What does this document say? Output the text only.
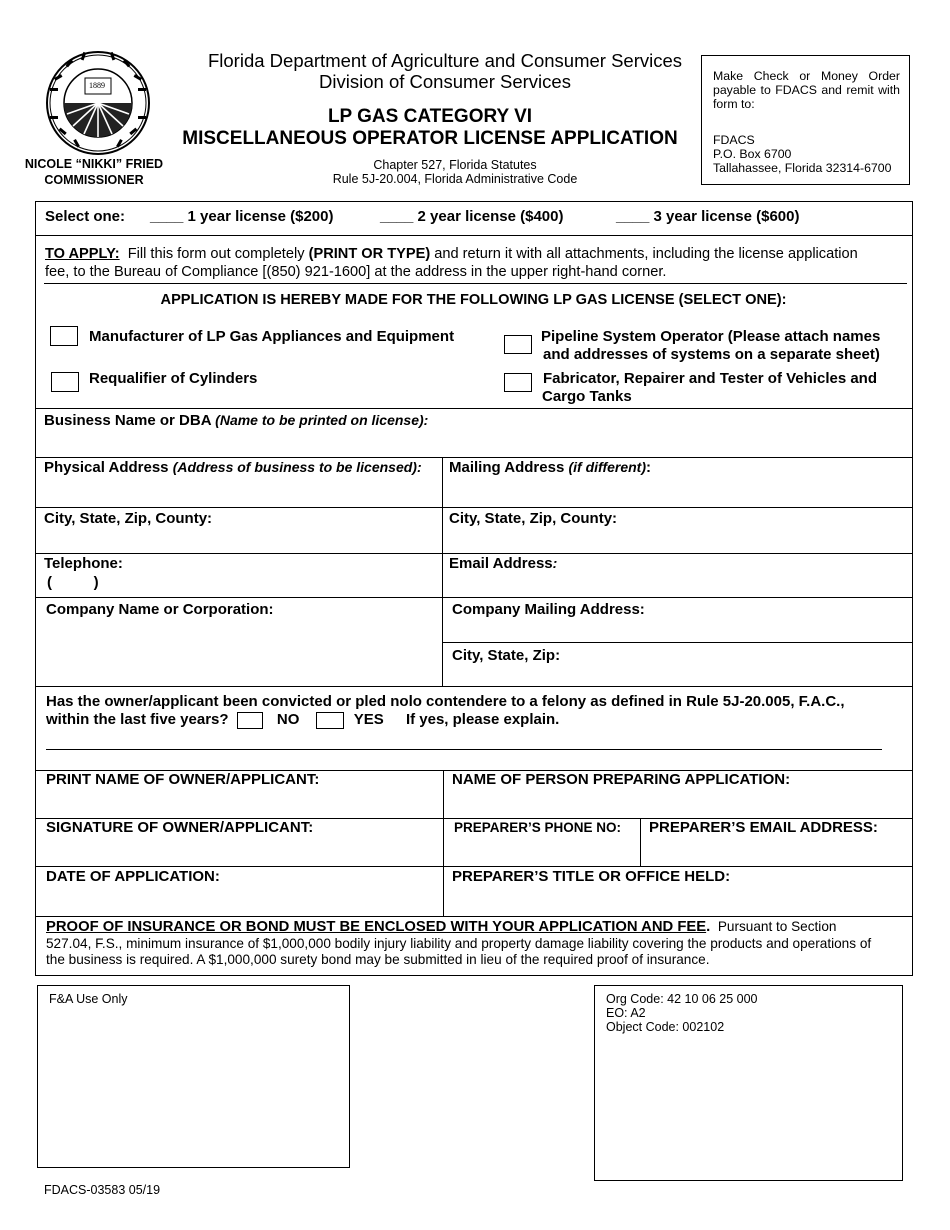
1889
NICOLE “NIKKI” FRIED
COMMISSIONER
Florida Department of Agriculture and Consumer Services
Division of Consumer Services
LP GAS CATEGORY VI
MISCELLANEOUS OPERATOR LICENSE APPLICATION
Chapter 527, Florida Statutes
Rule 5J-20.004, Florida Administrative Code
Make Check or Money Order payable to FDACS and remit with form to:
FDACS
P.O. Box 6700
Tallahassee, Florida 32314-6700
Select one: ____ 1 year license ($200)	____ 2 year license ($400)	____ 3 year license ($600)
TO APPLY: Fill this form out completely (PRINT OR TYPE) and return it with all attachments, including the license application
fee, to the Bureau of Compliance [(850) 921-1600] at the address in the upper right-hand corner.
APPLICATION IS HEREBY MADE FOR THE FOLLOWING LP GAS LICENSE (SELECT ONE):
Manufacturer of LP Gas Appliances and Equipment	Pipeline System Operator (Please attach names
and addresses of systems on a separate sheet)
Requalifier of Cylinders	Fabricator, Repairer and Tester of Vehicles and
Cargo Tanks
Business Name or DBA (Name to be printed on license):
Physical Address (Address of business to be licensed): Mailing Address (if different):
City, State, Zip, County:	City, State, Zip, County:
Telephone:
(          )
Email Address:
Company Name or Corporation:	Company Mailing Address:
City, State, Zip:
Has the owner/applicant been convicted or pled nolo contendere to a felony as defined in Rule 5J-20.005, F.A.C.,
within the last five years?	NO	YES If yes, please explain.
PRINT NAME OF OWNER/APPLICANT:	NAME OF PERSON PREPARING APPLICATION:
SIGNATURE OF OWNER/APPLICANT:	PREPARER’S PHONE NO: PREPARER’S EMAIL ADDRESS:
DATE OF APPLICATION:	PREPARER’S TITLE OR OFFICE HELD:
PROOF OF INSURANCE OR BOND MUST BE ENCLOSED WITH YOUR APPLICATION AND FEE. Pursuant to Section
527.04, F.S., minimum insurance of $1,000,000 bodily injury liability and property damage liability covering the products and operations of
the business is required. A $1,000,000 surety bond may be submitted in lieu of the required proof of insurance.
F&A Use Only	Org Code: 42 10 06 25 000
EO: A2
Object Code: 002102
FDACS-03583 05/19
